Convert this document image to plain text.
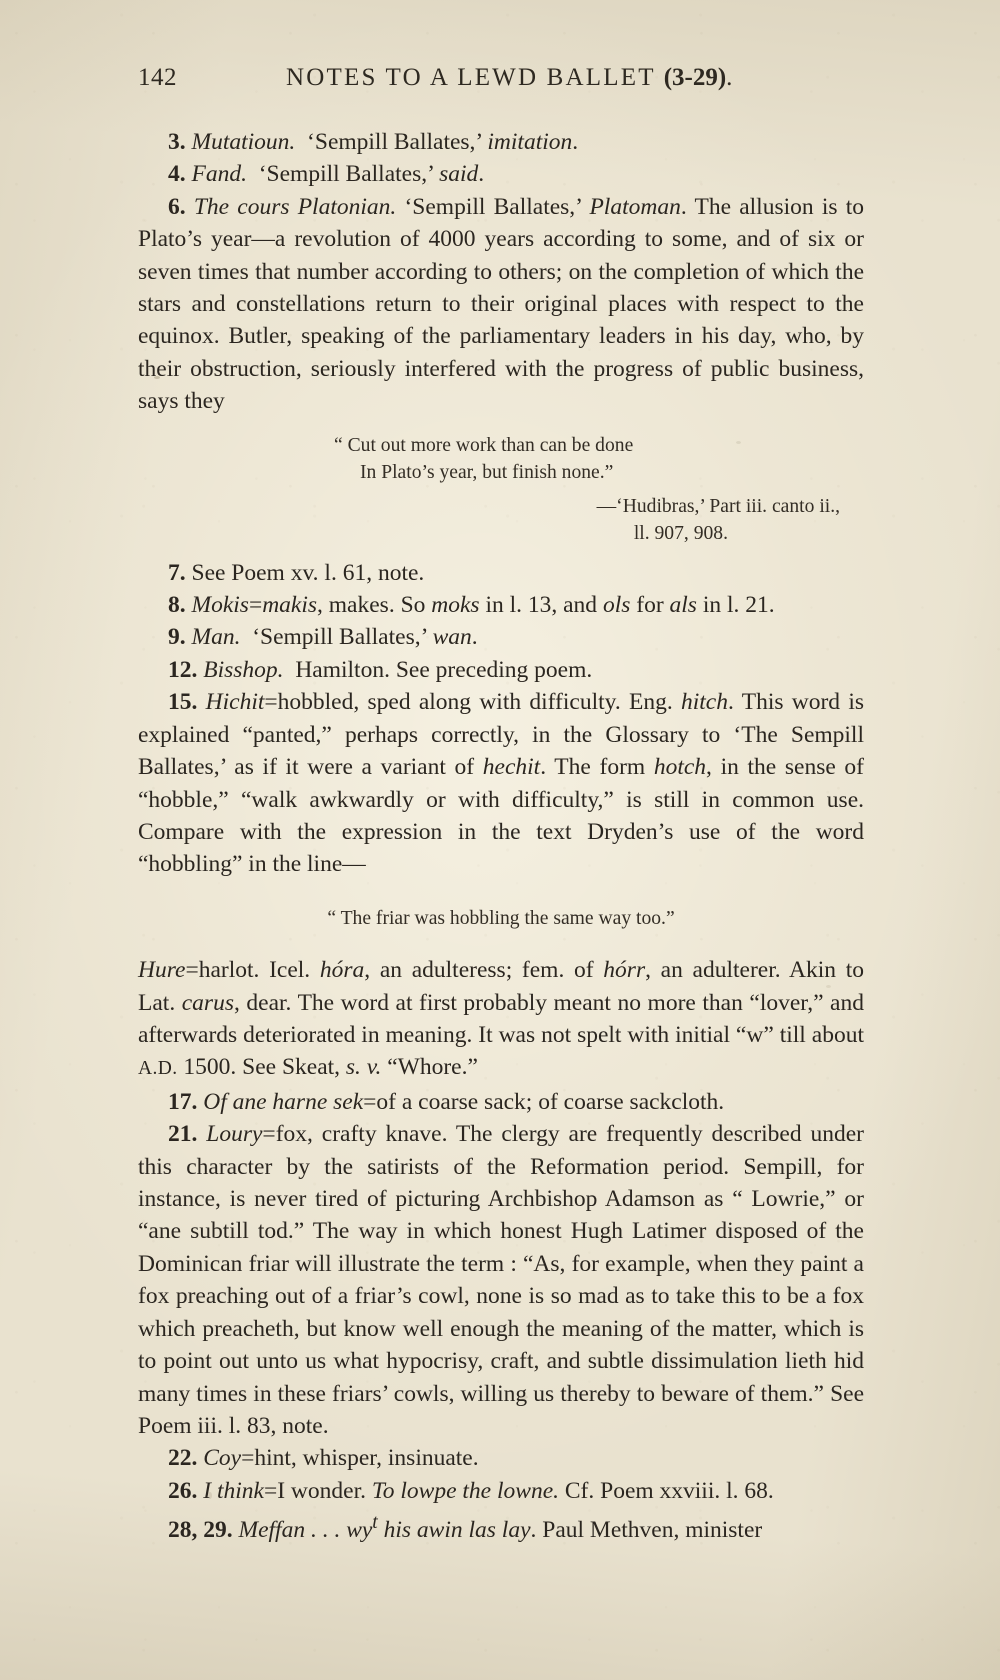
142	NOTES TO A LEWD BALLET (3-29).

3. Mutatioun. ‘Sempill Ballates,’ imitation.

4. Fand. ‘Sempill Ballates,’ said.

6. The cours Platonian. ‘Sempill Ballates,’ Platoman. The allusion is to Plato’s year—a revolution of 4000 years according to some, and of six or seven times that number according to others; on the completion of which the stars and constellations return to their original places with respect to the equinox. Butler, speaking of the parliamentary leaders in his day, who, by their obstruction, seriously interfered with the progress of public business, says they

“ Cut out more work than can be done
In Plato’s year, but finish none.”
—‘Hudibras,’ Part iii. canto ii.,
ll. 907, 908.

7. See Poem xv. l. 61, note.

8. Mokis=makis, makes. So moks in l. 13, and ols for als in l. 21.

9. Man. ‘Sempill Ballates,’ wan.

12. Bisshop. Hamilton. See preceding poem.

15. Hichit=hobbled, sped along with difficulty. Eng. hitch. This word is explained “panted,” perhaps correctly, in the Glossary to ‘The Sempill Ballates,’ as if it were a variant of hechit. The form hotch, in the sense of “hobble,” “walk awkwardly or with difficulty,” is still in common use. Compare with the expression in the text Dryden’s use of the word “hobbling” in the line—

“ The friar was hobbling the same way too.”

Hure=harlot. Icel. hóra, an adulteress; fem. of hórr, an adulterer. Akin to Lat. carus, dear. The word at first probably meant no more than “lover,” and afterwards deteriorated in meaning. It was not spelt with initial “w” till about A.D. 1500. See Skeat, s. v. “Whore.”

17. Of ane harne sek=of a coarse sack; of coarse sackcloth.

21. Loury=fox, crafty knave. The clergy are frequently described under this character by the satirists of the Reformation period. Sempill, for instance, is never tired of picturing Archbishop Adamson as “ Lowrie,” or “ane subtill tod.” The way in which honest Hugh Latimer disposed of the Dominican friar will illustrate the term : “As, for example, when they paint a fox preaching out of a friar’s cowl, none is so mad as to take this to be a fox which preacheth, but know well enough the meaning of the matter, which is to point out unto us what hypocrisy, craft, and subtle dissimulation lieth hid many times in these friars’ cowls, willing us thereby to beware of them.” See Poem iii. l. 83, note.

22. Coy=hint, whisper, insinuate.

26. I think=I wonder. To lowpe the lowne. Cf. Poem xxviii. l. 68.

28, 29. Meffan . . . $wy^t$ his awin las lay. Paul Methven, minister
